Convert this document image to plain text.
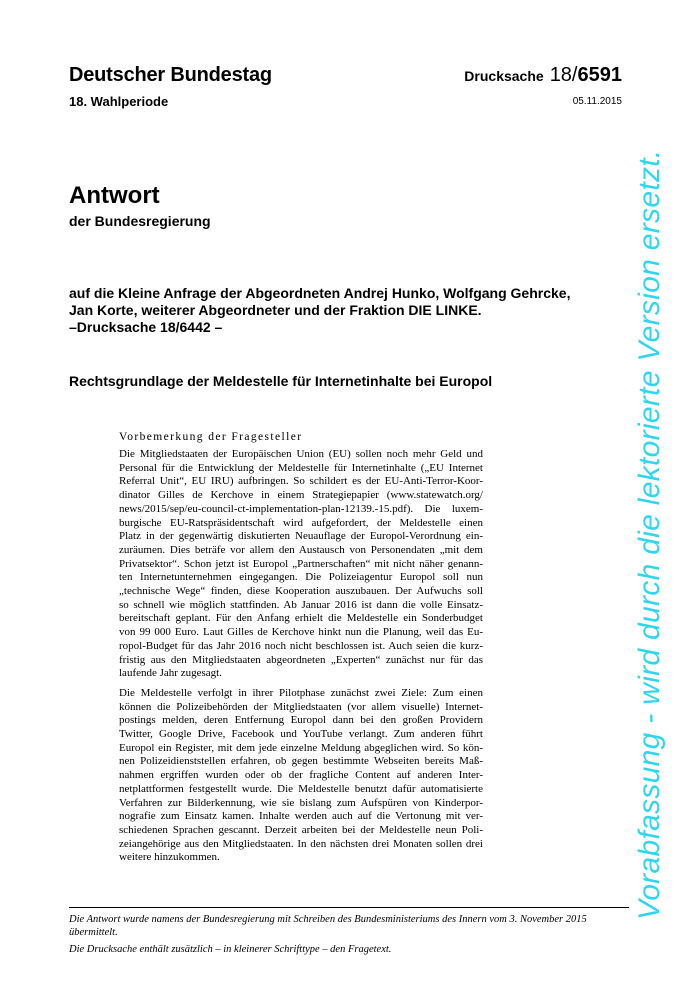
Deutscher Bundestag	Drucksache 18/6591
18. Wahlperiode	05.11.2015
Antwort
der Bundesregierung
auf die Kleine Anfrage der Abgeordneten Andrej Hunko, Wolfgang Gehrcke,
Jan Korte, weiterer Abgeordneter und der Fraktion DIE LINKE.
–Drucksache 18/6442 –
Rechtsgrundlage der Meldestelle für Internetinhalte bei Europol
Vorbemerkung der Fragesteller
Die Mitgliedstaaten der Europäischen Union (EU) sollen noch mehr Geld und
Personal für die Entwicklung der Meldestelle für Internetinhalte („EU Internet
Referral Unit“, EU IRU) aufbringen. So schildert es der EU-Anti-Terror-Koor-
dinator Gilles de Kerchove in einem Strategiepapier (www.statewatch.org/
news/2015/sep/eu-council-ct-implementation-plan-12139.-15.pdf). Die luxem-
burgische EU-Ratspräsidentschaft wird aufgefordert, der Meldestelle einen
Platz in der gegenwärtig diskutierten Neuauflage der Europol-Verordnung ein-
zuräumen. Dies beträfe vor allem den Austausch von Personendaten „mit dem
Privatsektor“. Schon jetzt ist Europol „Partnerschaften“ mit nicht näher genann-
ten Internetunternehmen eingegangen. Die Polizeiagentur Europol soll nun
„technische Wege“ finden, diese Kooperation auszubauen. Der Aufwuchs soll
so schnell wie möglich stattfinden. Ab Januar 2016 ist dann die volle Einsatz-
bereitschaft geplant. Für den Anfang erhielt die Meldestelle ein Sonderbudget
von 99 000 Euro. Laut Gilles de Kerchove hinkt nun die Planung, weil das Eu-
ropol-Budget für das Jahr 2016 noch nicht beschlossen ist. Auch seien die kurz-
fristig aus den Mitgliedstaaten abgeordneten „Experten“ zunächst nur für das
laufende Jahr zugesagt.
Die Meldestelle verfolgt in ihrer Pilotphase zunächst zwei Ziele: Zum einen
können die Polizeibehörden der Mitgliedstaaten (vor allem visuelle) Internet-
postings melden, deren Entfernung Europol dann bei den großen Providern
Twitter, Google Drive, Facebook und YouTube verlangt. Zum anderen führt
Europol ein Register, mit dem jede einzelne Meldung abgeglichen wird. So kön-
nen Polizeidienststellen erfahren, ob gegen bestimmte Webseiten bereits Maß-
nahmen ergriffen wurden oder ob der fragliche Content auf anderen Inter-
netplattformen festgestellt wurde. Die Meldestelle benutzt dafür automatisierte
Verfahren zur Bilderkennung, wie sie bislang zum Aufspüren von Kinderpor-
nografie zum Einsatz kamen. Inhalte werden auch auf die Vertonung mit ver-
schiedenen Sprachen gescannt. Derzeit arbeiten bei der Meldestelle neun Poli-
zeiangehörige aus den Mitgliedstaaten. In den nächsten drei Monaten sollen drei
weitere hinzukommen.
Die Antwort wurde namens der Bundesregierung mit Schreiben des Bundesministeriums des Innern vom 3. November 2015
übermittelt.
Die Drucksache enthält zusätzlich – in kleinerer Schrifttype – den Fragetext.
Vorabfassung - wird durch die lektorierte Version ersetzt.
